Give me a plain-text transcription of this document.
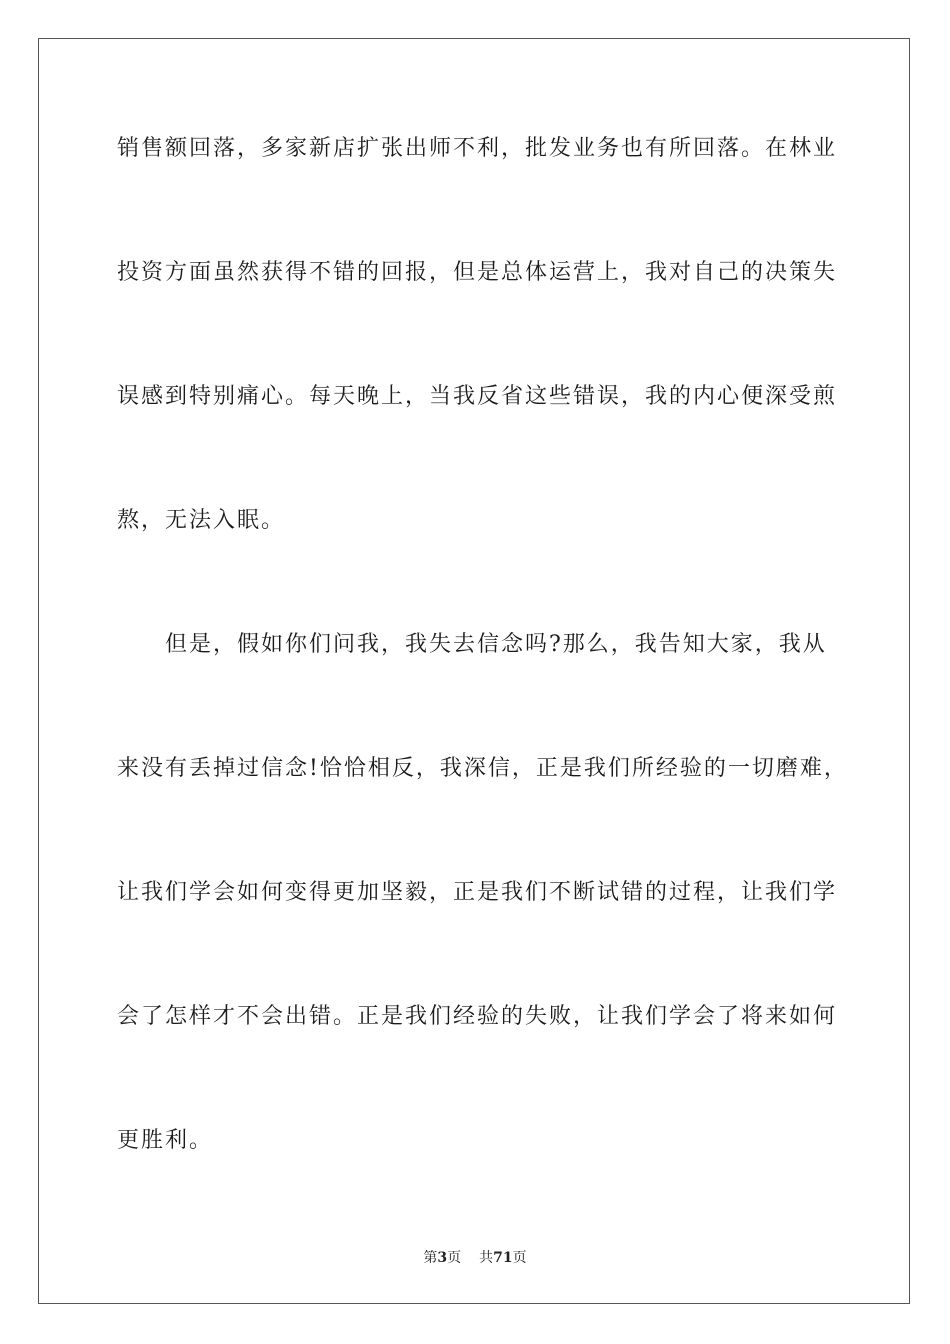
销售额回落，多家新店扩张出师不利，批发业务也有所回落。在林业
投资方面虽然获得不错的回报，但是总体运营上，我对自己的决策失
误感到特别痛心。每天晚上，当我反省这些错误，我的内心便深受煎
熬，无法入眠。
但是，假如你们问我，我失去信念吗?那么，我告知大家，我从
来没有丢掉过信念!恰恰相反，我深信，正是我们所经验的一切磨难，
让我们学会如何变得更加坚毅，正是我们不断试错的过程，让我们学
会了怎样才不会出错。正是我们经验的失败，让我们学会了将来如何
更胜利。
第3页 共71页
